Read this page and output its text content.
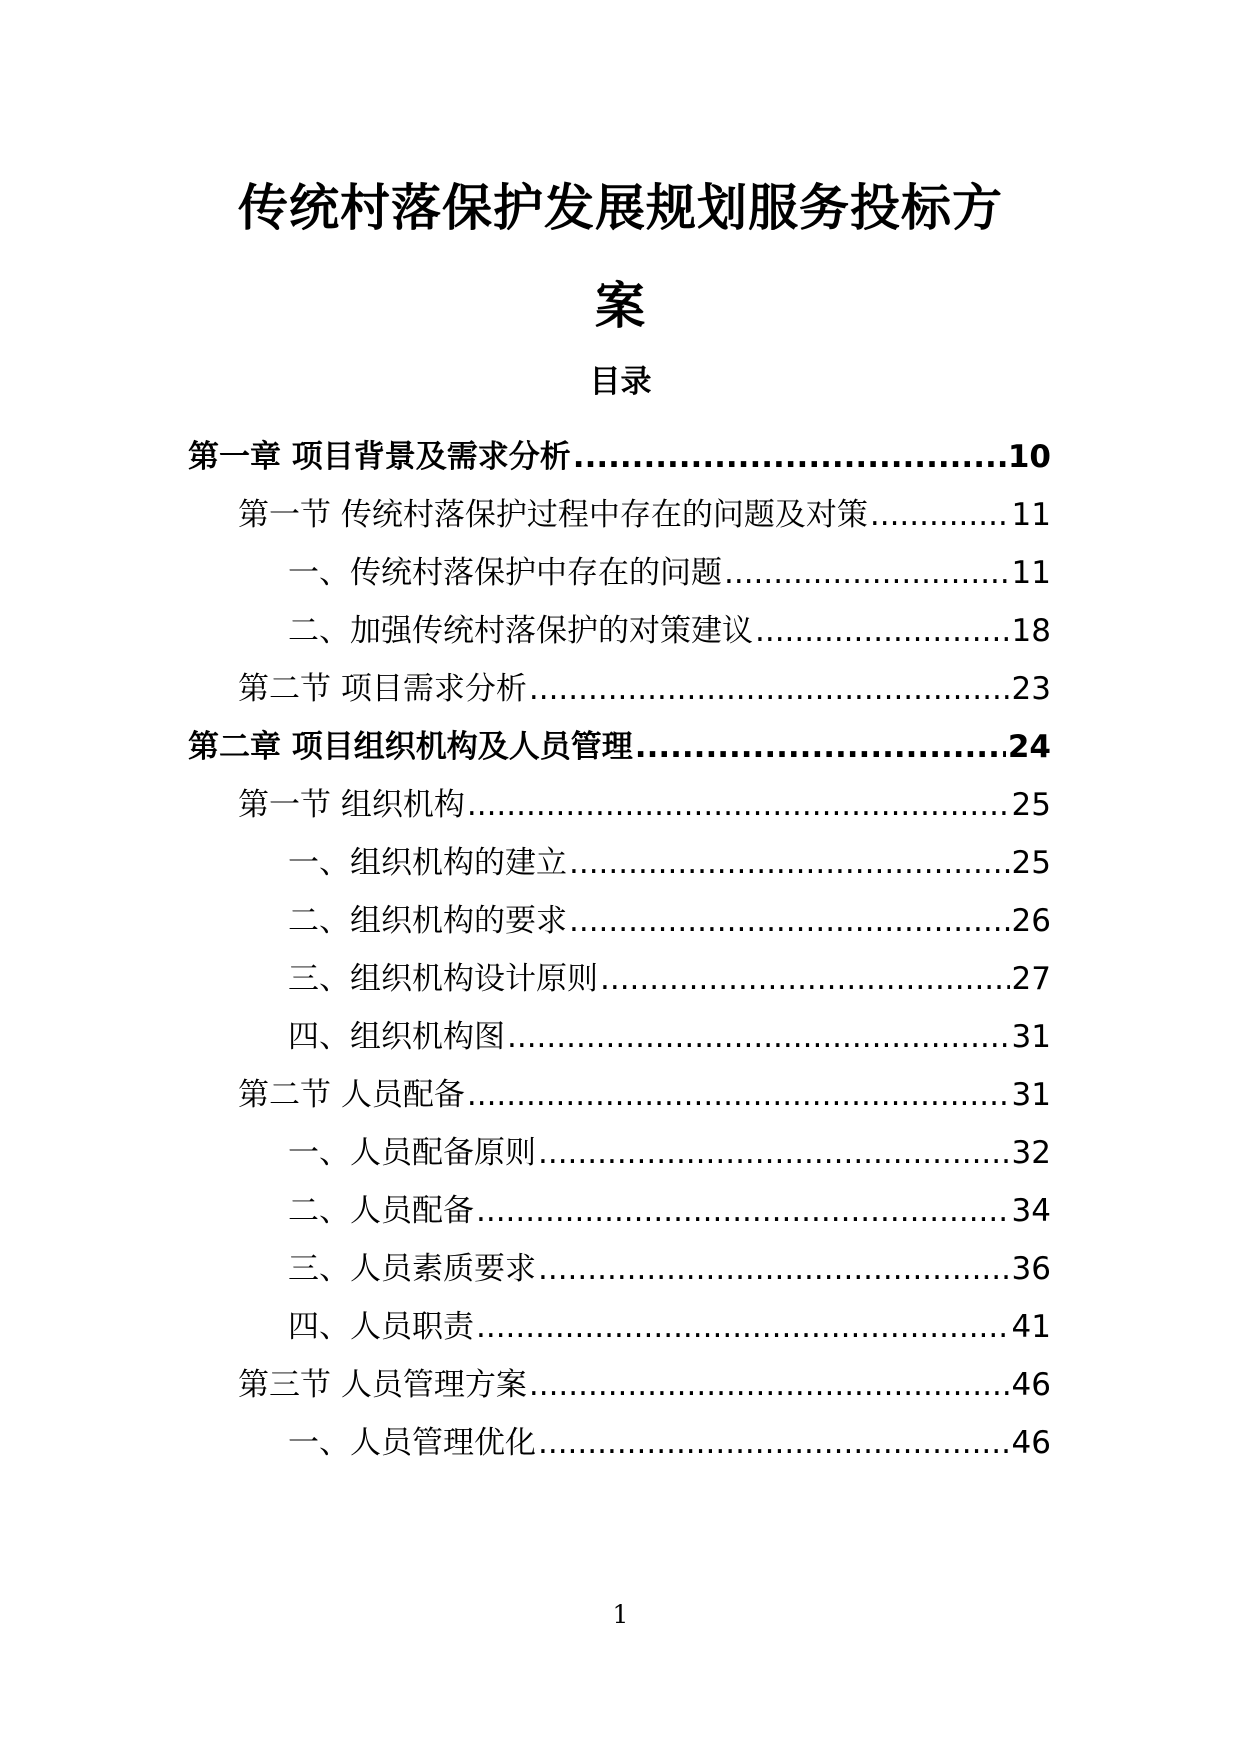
传统村落保护发展规划服务投标方
案
目录
第一章 项目背景及需求分析 .....	10
第一节 传统村落保护过程中存在的问题及对策 .....	11
一、传统村落保护中存在的问题 .....	11
二、加强传统村落保护的对策建议 .....	18
第二节 项目需求分析 .....	23
第二章 项目组织机构及人员管理 .....	24
第一节 组织机构 .....	25
一、组织机构的建立 .....	25
二、组织机构的要求 .....	26
三、组织机构设计原则 .....	27
四、组织机构图 .....	31
第二节 人员配备 .....	31
一、人员配备原则 .....	32
二、人员配备 .....	34
三、人员素质要求 .....	36
四、人员职责 .....	41
第三节 人员管理方案 .....	46
一、人员管理优化 .....	46
1
